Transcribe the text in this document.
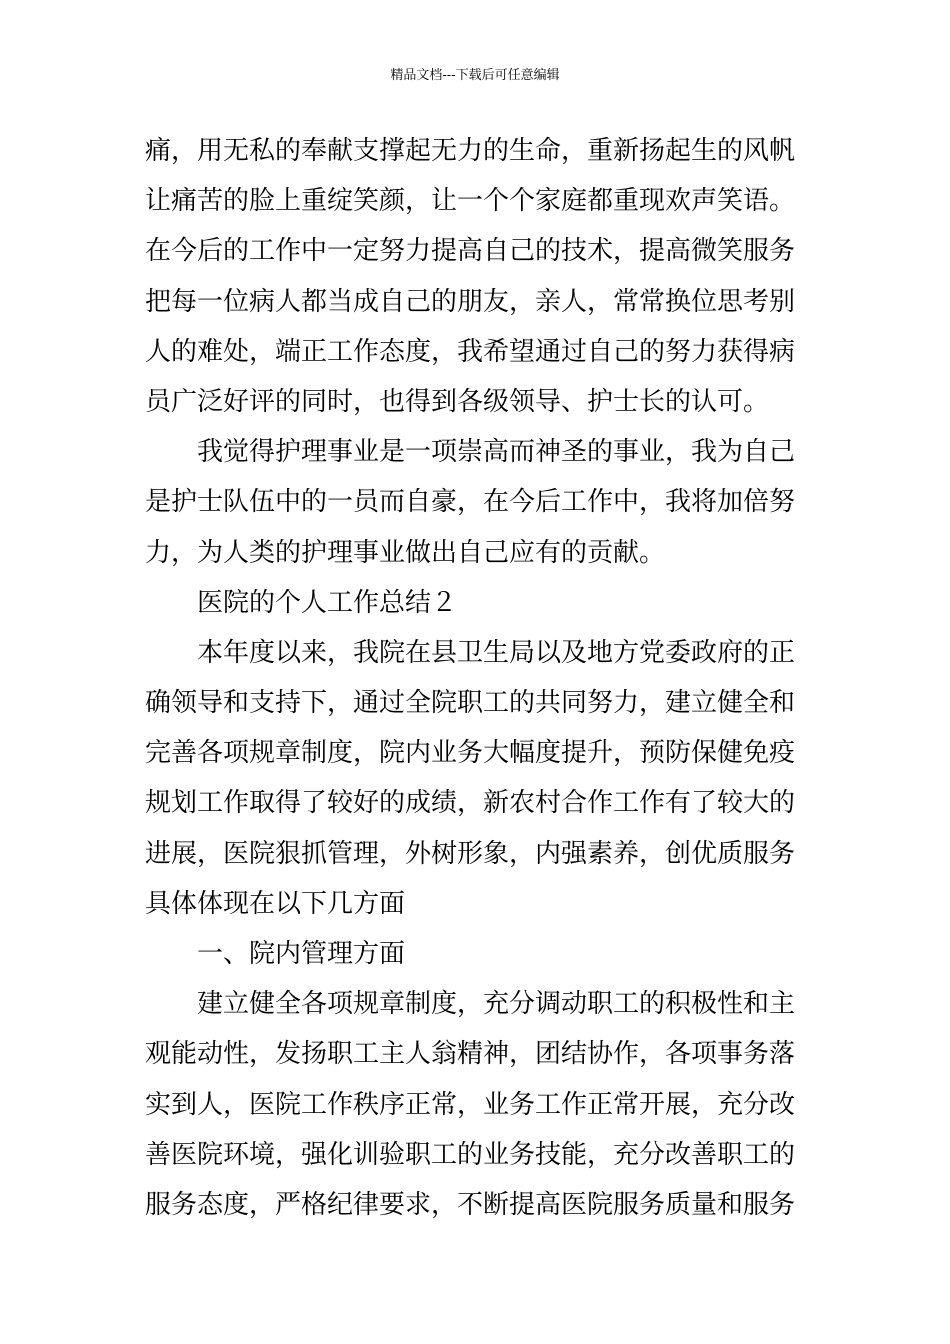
精品文档---下载后可任意编辑
痛，用无私的奉献支撑起无力的生命，重新扬起生的风帆
让痛苦的脸上重绽笑颜，让一个个家庭都重现欢声笑语。
在今后的工作中一定努力提高自己的技术，提高微笑服务
把每一位病人都当成自己的朋友，亲人，常常换位思考别
人的难处，端正工作态度，我希望通过自己的努力获得病
员广泛好评的同时，也得到各级领导、护士长的认可。
我觉得护理事业是一项崇高而神圣的事业，我为自己
是护士队伍中的一员而自豪，在今后工作中，我将加倍努
力，为人类的护理事业做出自己应有的贡献。
医院的个人工作总结２
本年度以来，我院在县卫生局以及地方党委政府的正
确领导和支持下，通过全院职工的共同努力，建立健全和
完善各项规章制度，院内业务大幅度提升，预防保健免疫
规划工作取得了较好的成绩，新农村合作工作有了较大的
进展，医院狠抓管理，外树形象，内强素养，创优质服务
具体体现在以下几方面
一、院内管理方面
建立健全各项规章制度，充分调动职工的积极性和主
观能动性，发扬职工主人翁精神，团结协作，各项事务落
实到人，医院工作秩序正常，业务工作正常开展，充分改
善医院环境，强化训验职工的业务技能，充分改善职工的
服务态度，严格纪律要求，不断提高医院服务质量和服务
